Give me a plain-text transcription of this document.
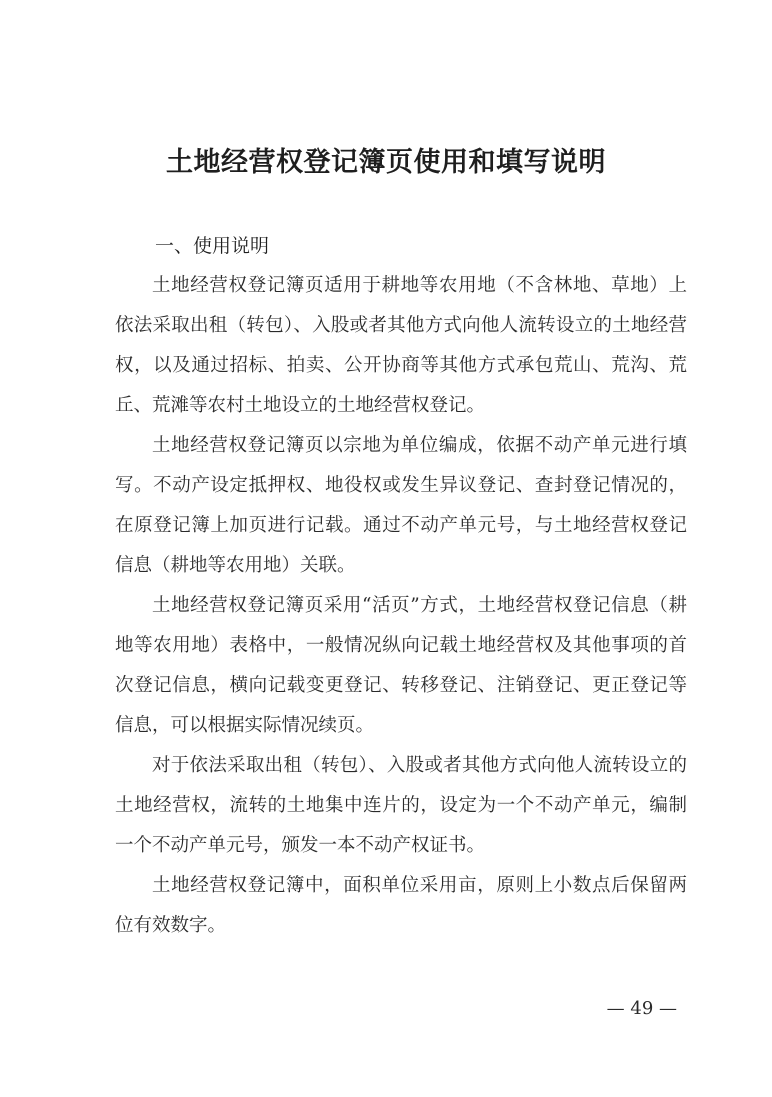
土地经营权登记簿页使用和填写说明
一、使用说明

土地经营权登记簿页适用于耕地等农用地（不含林地、草地）上依法采取出租（转包）、入股或者其他方式向他人流转设立的土地经营权，以及通过招标、拍卖、公开协商等其他方式承包荒山、荒沟、荒丘、荒滩等农村土地设立的土地经营权登记。

土地经营权登记簿页以宗地为单位编成，依据不动产单元进行填写。不动产设定抵押权、地役权或发生异议登记、查封登记情况的，在原登记簿上加页进行记载。通过不动产单元号，与土地经营权登记信息（耕地等农用地）关联。

土地经营权登记簿页采用“活页”方式，土地经营权登记信息（耕地等农用地）表格中，一般情况纵向记载土地经营权及其他事项的首次登记信息，横向记载变更登记、转移登记、注销登记、更正登记等信息，可以根据实际情况续页。

对于依法采取出租（转包）、入股或者其他方式向他人流转设立的土地经营权，流转的土地集中连片的，设定为一个不动产单元，编制一个不动产单元号，颁发一本不动产权证书。

土地经营权登记簿中，面积单位采用亩，原则上小数点后保留两位有效数字。

— 49 —
